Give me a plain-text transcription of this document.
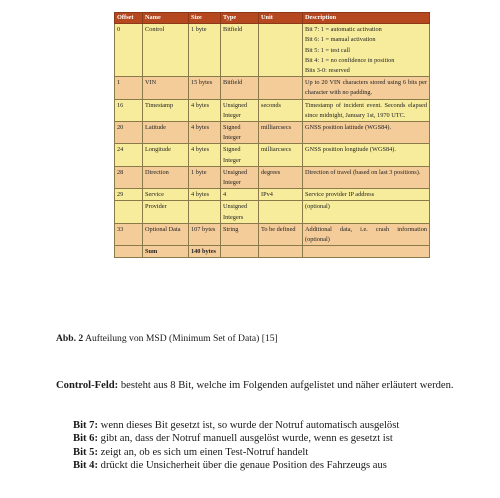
Offset	Name	Size	Type	Unit	Description
0	Control	1 byte	Bitfield		Bit 7: 1 = automatic activation
Bit 6: 1 = manual activation
Bit 5: 1 = test call
Bit 4: 1 = no confidence in position
Bits 3-0: reserved

1	VIN	15 bytes	Bitfield		Up to 20 VIN characters stored using 6 bits per character with no padding.

16	Timestamp	4 bytes	Unsigned Integer	seconds	Timestamp of incident event. Seconds elapsed since midnight, January 1st, 1970 UTC.

20	Latitude	4 bytes	Signed Integer	milliarcsecs	GNSS position latitude (WGS84).

24	Longitude	4 bytes	Signed Integer	milliarcsecs	GNSS position longitude (WGS84).

28	Direction	1 byte	Unsigned Integer	degrees	Direction of travel (based on last 3 positions).

29	Service	4 bytes	4	IPv4	Service provider IP address

	Provider		Unsigned Integers		(optional)

33	Optional Data	107 bytes	String	To be defined	Additional data, i.e. crash information (optional)

	Sum	140 bytes			
Abb. 2 Aufteilung von MSD (Minimum Set of Data) [15]
Control-Feld: besteht aus 8 Bit, welche im Folgenden aufgelistet und näher erläutert werden.
Bit 7: wenn dieses Bit gesetzt ist, so wurde der Notruf automatisch ausgelöst
Bit 6: gibt an, dass der Notruf manuell ausgelöst wurde, wenn es gesetzt ist
Bit 5: zeigt an, ob es sich um einen Test-Notruf handelt
Bit 4: drückt die Unsicherheit über die genaue Position des Fahrzeugs aus
